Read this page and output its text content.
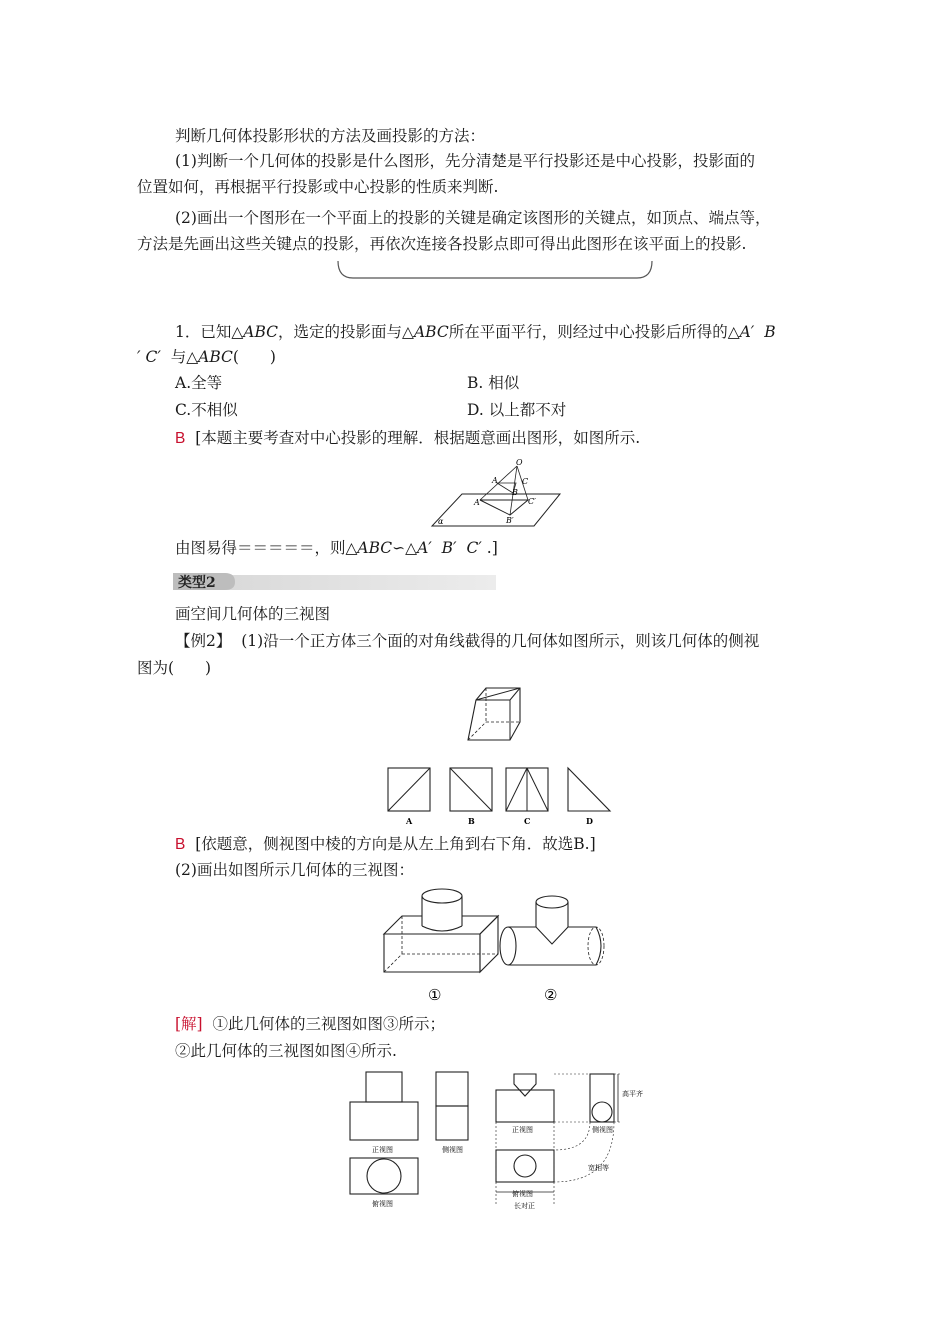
判断几何体投影形状的方法及画投影的方法：
(1)判断一个几何体的投影是什么图形，先分清楚是平行投影还是中心投影，投影面的
位置如何，再根据平行投影或中心投影的性质来判断.
(2)画出一个图形在一个平面上的投影的关键是确定该图形的关键点，如顶点、端点等，
方法是先画出这些关键点的投影，再依次连接各投影点即可得出此图形在该平面上的投影.
1．已知△ABC，选定的投影面与△ABC所在平面平行，则经过中心投影后所得的△A′ B
′ C′ 与△ABC(　　)
A.全等	B. 相似
C.不相似	D. 以上都不对
B [本题主要考查对中心投影的理解．根据题意画出图形，如图所示.
O
A	C
B
A′	C′
B′
α
由图易得＝＝＝＝＝，则△ABC∽△A′ B′ C′ .]
类型2
画空间几何体的三视图
【例2】 (1)沿一个正方体三个面的对角线截得的几何体如图所示，则该几何体的侧视
图为(　　)
A	B	C	D
B [依题意，侧视图中棱的方向是从左上角到右下角．故选B.]
(2)画出如图所示几何体的三视图：
①	②
[解] ①此几何体的三视图如图③所示；
②此几何体的三视图如图④所示.
正视图	侧视图
俯视图
高平齐
正视图	侧视图
俯视图
宽相等
长对正
